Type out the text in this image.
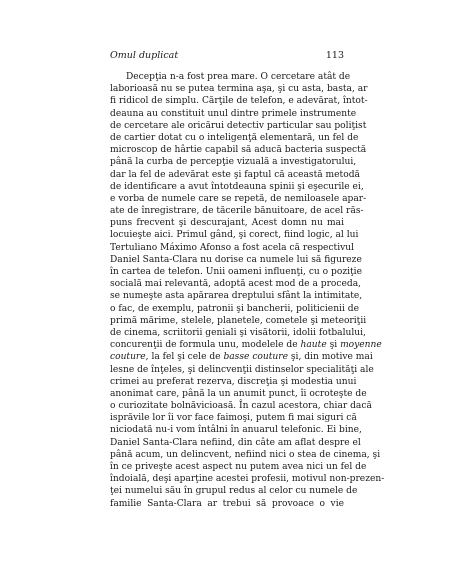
Omul duplicat	113
Decepţia n-a fost prea mare. O cercetare atât de
laborioasă nu se putea termina aşa, şi cu asta, basta, ar
fi ridicol de simplu. Cărţile de telefon, e adevărat, întot-
deauna au constituit unul dintre primele instrumente
de cercetare ale oricărui detectiv particular sau poliţist
de cartier dotat cu o inteligenţă elementară, un fel de
microscop de hârtie capabil să aducă bacteria suspectă
până la curba de percepţie vizuală a investigatorului,
dar la fel de adevărat este şi faptul că această metodă
de identificare a avut întotdeauna spinii şi eşecurile ei,
e vorba de numele care se repetă, de nemiloasele apar-
ate de înregistrare, de tăcerile bănuitoare, de acel răs-
puns frecvent şi descurajant, Acest domn nu mai
locuieşte aici. Primul gând, şi corect, fiind logic, al lui
Tertuliano Máximo Afonso a fost acela că respectivul
Daniel Santa-Clara nu dorise ca numele lui să figureze
în cartea de telefon. Unii oameni influenţi, cu o poziţie
socială mai relevantă, adoptă acest mod de a proceda,
se numeşte asta apărarea dreptului sfânt la intimitate,
o fac, de exemplu, patronii şi bancherii, politicienii de
primă mărime, stelele, planetele, cometele şi meteoriţii
de cinema, scriitorii geniali şi visătorii, idolii fotbalului,
concurenţii de formula unu, modelele de haute şi moyenne
couture, la fel şi cele de basse couture şi, din motive mai
lesne de înţeles, şi delincvenţii distinselor specialităţi ale
crimei au preferat rezerva, discreţia şi modestia unui
anonimat care, până la un anumit punct, îi ocroteşte de
o curiozitate bolnăvicioasă. În cazul acestora, chiar dacă
isprăvile lor îi vor face faimoşi, putem fi mai siguri că
niciodată nu-i vom întâlni în anuarul telefonic. Ei bine,
Daniel Santa-Clara nefiind, din câte am aflat despre el
până acum, un delincvent, nefiind nici o stea de cinema, şi
în ce priveşte acest aspect nu putem avea nici un fel de
îndoială, deşi aparţine acestei profesii, motivul non-prezen-
ţei numelui său în grupul redus al celor cu numele de
familie Santa-Clara ar trebui să provoace o vie
